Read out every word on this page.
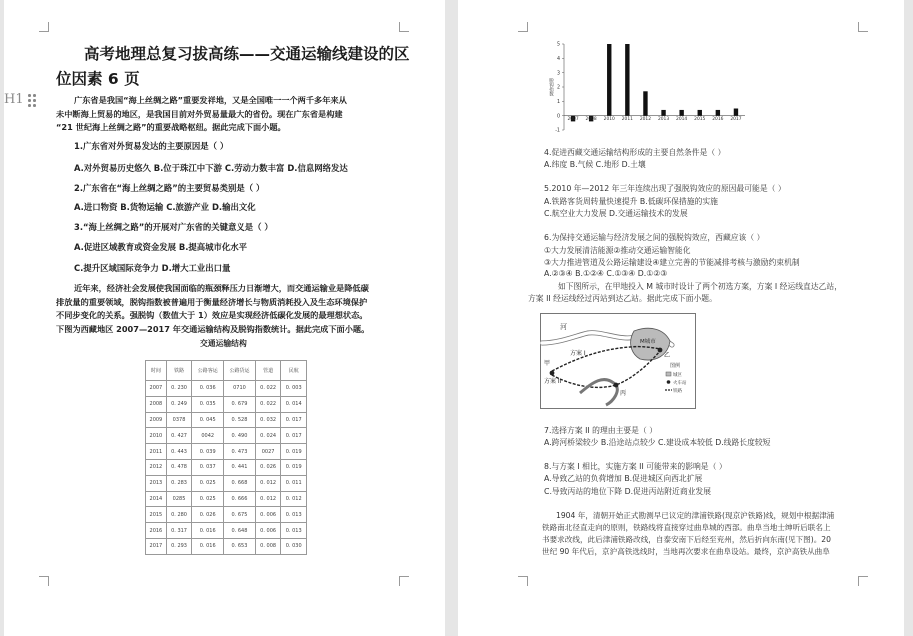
高考地理总复习拔高练——交通运输线建设的区
位因素 6 页
H1	广东省是我国“海上丝绸之路”重要发祥地，又是全国唯一一个两千多年来从
未中断海上贸易的地区，是我国目前对外贸易量最大的省份。现在广东省是构建
“21 世纪海上丝绸之路”的重要战略枢纽。据此完成下面小题。
1.广东省对外贸易发达的主要原因是（ ）
A.对外贸易历史悠久 B.位于珠江中下游 C.劳动力数丰富 D.信息网络发达
2.广东省在“海上丝绸之路”的主要贸易类别是（ ）
A.进口物资 B.货物运输 C.旅游产业 D.输出文化
3.“海上丝绸之路”的开展对广东省的关键意义是（ ）
A.促进区域教育或资金发展 B.提高城市化水平
C.提升区域国际竞争力 D.增大工业出口量
近年来，经济社会发展使我国面临的瓶颈释压力日渐增大，而交通运输业是降低碳
排放量的重要领域，脱钩指数被普遍用于衡量经济增长与物质消耗投入及生态环境保护
不同步变化的关系。强脱钩（数值大于 1）效应是实现经济低碳化发展的最理想状态。
下图为西藏地区 2007—2017 年交通运输结构及脱钩指数统计。据此完成下面小题。
交通运输结构
时间	铁路	公路客运	公路货运	管道	民航
2007	0. 230	0. 036	0710	0. 022	0. 003
2008	0. 249	0. 035	0. 679	0. 022	0. 014
2009	0378	0. 045	0. 528	0. 032	0. 017
2010	0. 427	0042	0. 490	0. 024	0. 017
2011	0. 443	0. 039	0. 473	0027	0. 019
2012	0. 478	0. 037	0. 441	0. 026	0. 019
2013	0. 283	0. 025	0. 668	0. 012	0. 011
2014	0285	0. 025	0. 666	0. 012	0. 012
2015	0. 280	0. 026	0. 675	0. 006	0. 013
2016	0. 317	0. 016	0. 648	0. 006	0. 013
2017	0. 293	0. 016	0. 653	0. 008	0. 030
脱钩指数
-1
0
1
2
3
4
5
2007 2008 2010 2011 2012 2013 2014 2015 2016 2017
4.促进西藏交通运输结构形成的主要自然条件是（ ）
A.纬度 B.气候 C.地形 D.土壤
5.2010 年—2012 年三年连续出现了强脱钩效应的原因最可能是（ ）
A.铁路客货周转量快速提升 B.低碳环保措施的实施
C.航空业大力发展 D.交通运输技术的发展
6.为保持交通运输与经济发展之间的强脱钩效应，西藏应该（ ）
①大力发展清洁能源②推动交通运输智能化
③大力推进管道及公路运输建设④建立完善的节能减排考核与激励约束机制
A.②③④ B.①②④ C.①③④ D.①②③
如下图所示，在甲地投入 M 城市时设计了两个初选方案，方案 I 经运线直达乙站，
方案 II 经运线经过丙站到达乙站。据此完成下面小题。
河
方案 I
方案 II
甲
丙
乙
M城市
图例
城区
火车站
铁路
7.选择方案 II 的理由主要是（ ）
A.跨河桥梁较少 B.沿途站点较少 C.建设成本较低 D.线路长度较短
8.与方案 I 相比，实施方案 II 可能带来的影响是（ ）
A.导致乙站的负荷增加 B.促进城区向西北扩展
C.导致丙站的地位下降 D.促进丙站附近商业发展
1904 年，清朝开始正式勘测早已议定的津浦铁路(现京沪铁路)线，规划中根据津浦
铁路南北径直走向的原则，铁路线将直接穿过曲阜城的西部。曲阜当地士绅听后联名上
书要求改线，此后津浦铁路改线，自泰安南下后经至兖州，然后折向东南(见下图)。20
世纪 90 年代后，京沪高铁选线时，当地再次要求在曲阜设站。最终，京沪高铁从曲阜
